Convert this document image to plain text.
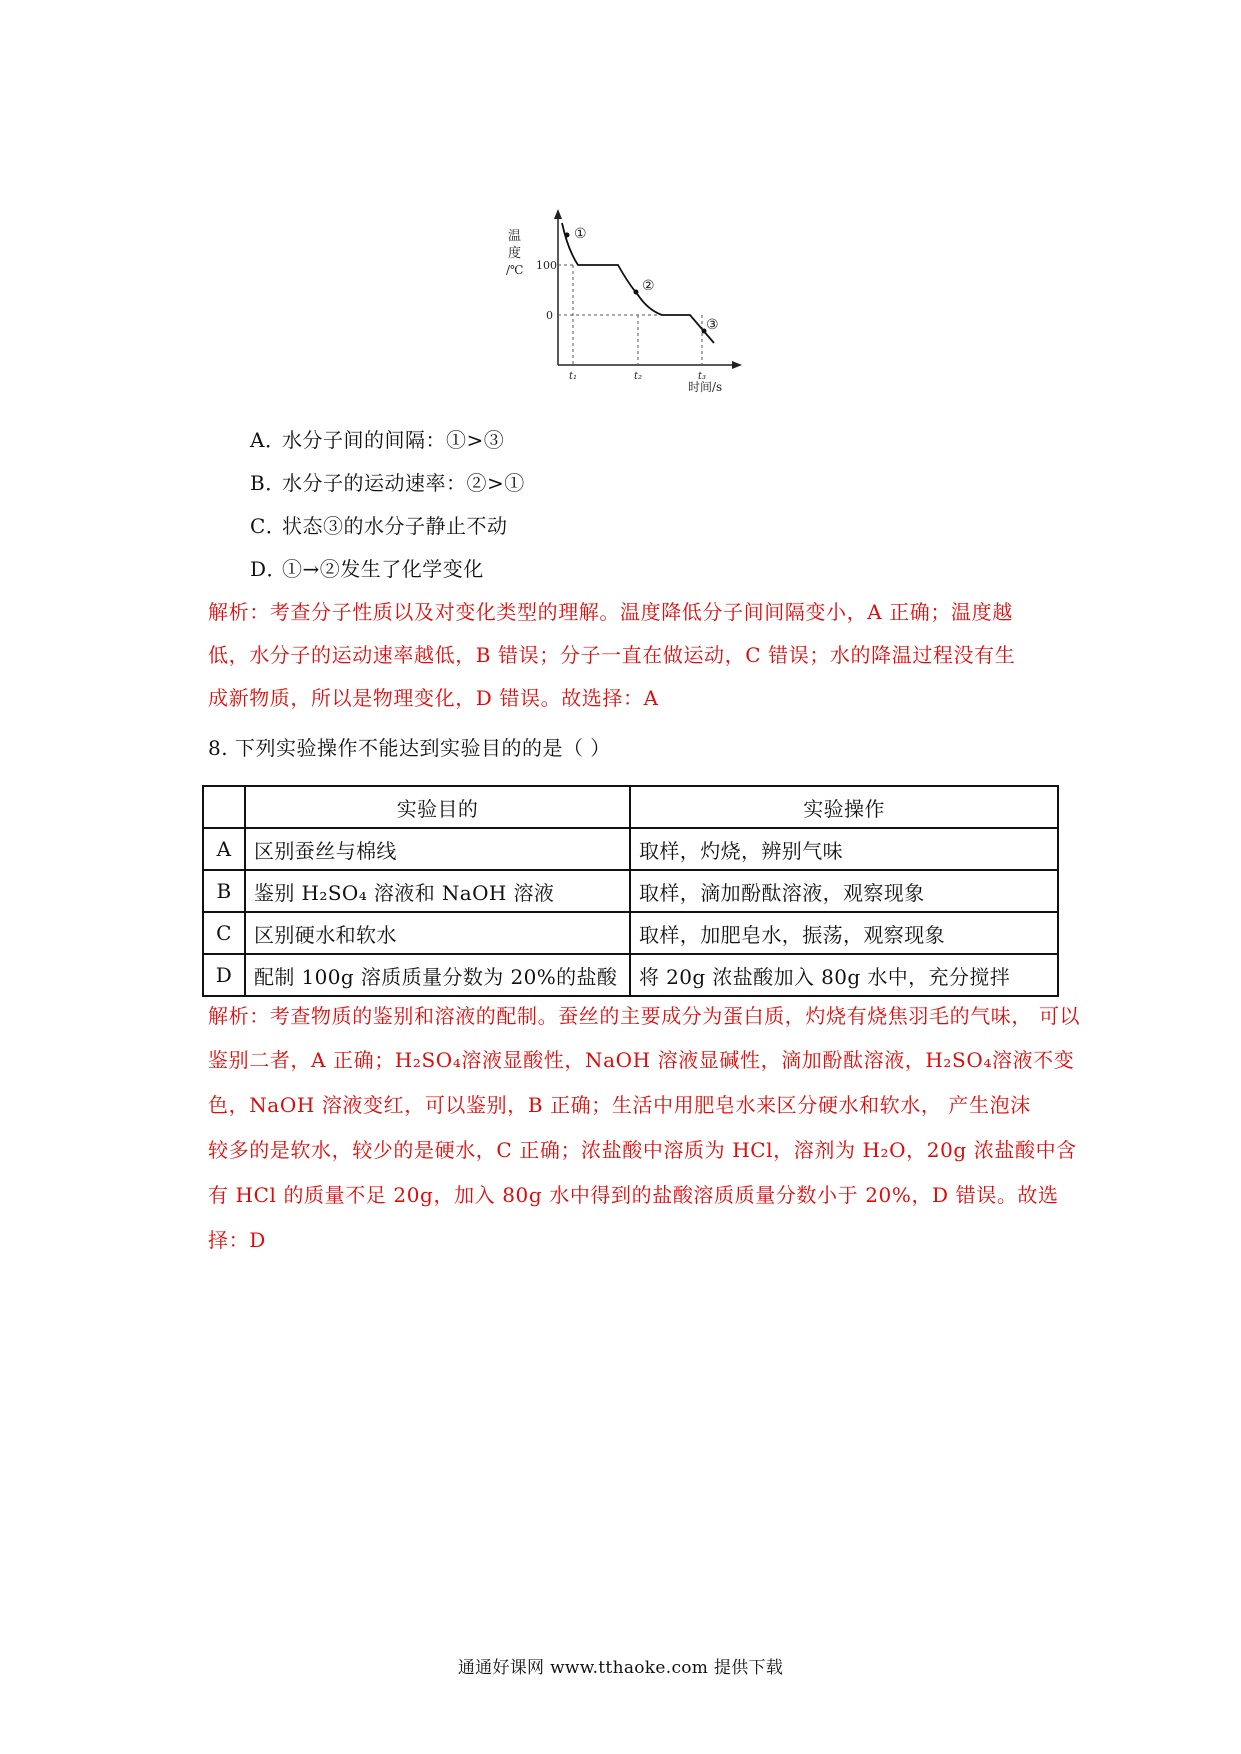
①
②
③
温
度
/℃ 100
0
t₁	t₂	t₃
时间/s
A．水分子间的间隔：①>③
B．水分子的运动速率：②>①
C．状态③的水分子静止不动
D．①→②发生了化学变化
解析：考查分子性质以及对变化类型的理解。温度降低分子间间隔变小，A 正确；温度越
低，水分子的运动速率越低，B 错误；分子一直在做运动，C 错误；水的降温过程没有生
成新物质，所以是物理变化，D 错误。故选择：A
8. 下列实验操作不能达到实验目的的是（ ）
	实验目的	实验操作
A	区别蚕丝与棉线	取样，灼烧，辨别气味
B	鉴别 H₂SO₄ 溶液和 NaOH 溶液	取样，滴加酚酞溶液，观察现象
C	区别硬水和软水	取样，加肥皂水，振荡，观察现象
D	配制 100g 溶质质量分数为 20%的盐酸	将 20g 浓盐酸加入 80g 水中，充分搅拌
解析：考查物质的鉴别和溶液的配制。蚕丝的主要成分为蛋白质，灼烧有烧焦羽毛的气味， 可以
鉴别二者，A 正确；H₂SO₄溶液显酸性，NaOH 溶液显碱性，滴加酚酞溶液，H₂SO₄溶液不变
色，NaOH 溶液变红，可以鉴别，B 正确；生活中用肥皂水来区分硬水和软水， 产生泡沫
较多的是软水，较少的是硬水，C 正确；浓盐酸中溶质为 HCl，溶剂为 H₂O，20g 浓盐酸中含
有 HCl 的质量不足 20g，加入 80g 水中得到的盐酸溶质质量分数小于 20%，D 错误。故选
择：D
通通好课网 www.tthaoke.com 提供下载
